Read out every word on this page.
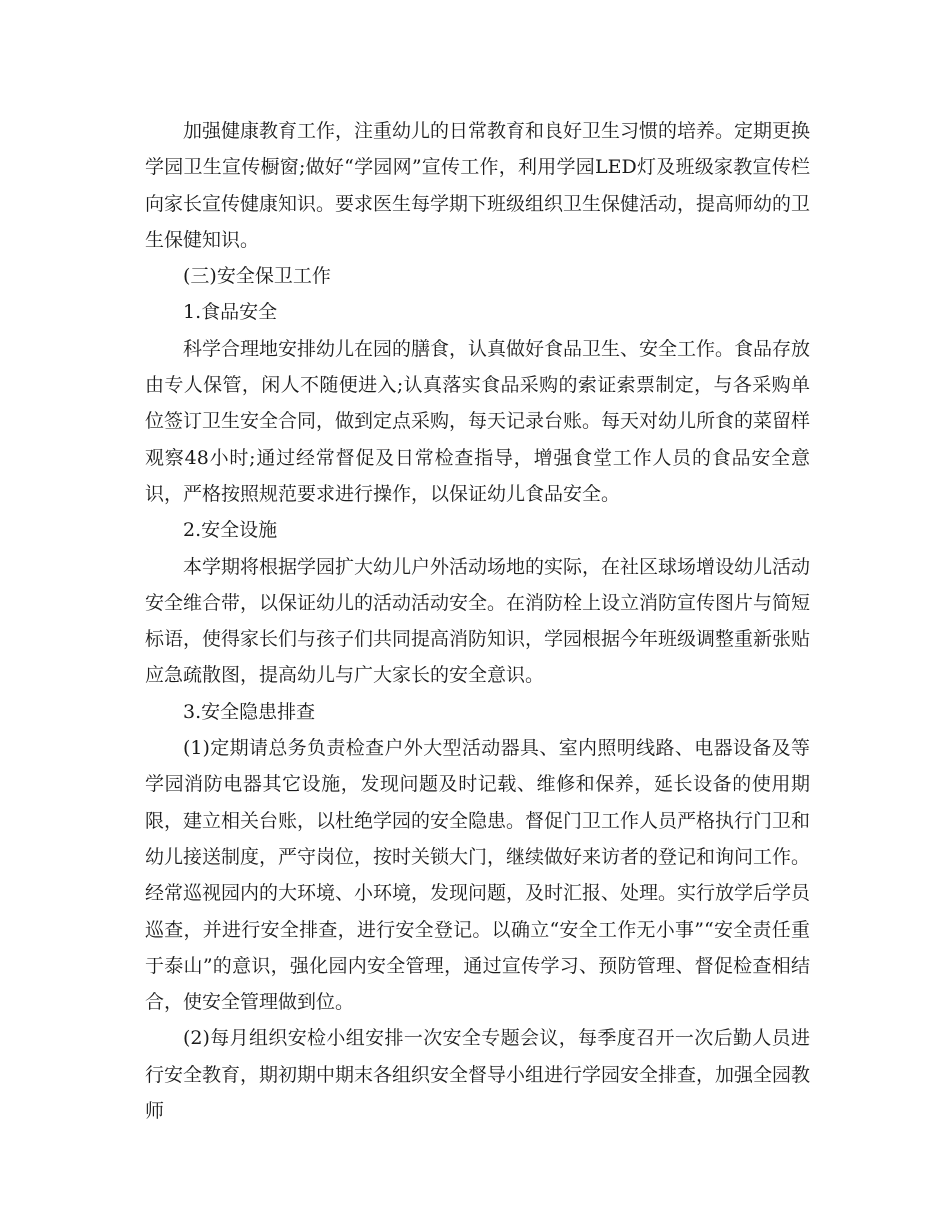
加强健康教育工作，注重幼儿的日常教育和良好卫生习惯的培养。定期更换学园卫生宣传橱窗;做好“学园网”宣传工作，利用学园LED灯及班级家教宣传栏向家长宣传健康知识。要求医生每学期下班级组织卫生保健活动，提高师幼的卫生保健知识。

(三)安全保卫工作

1.食品安全

科学合理地安排幼儿在园的膳食，认真做好食品卫生、安全工作。食品存放由专人保管，闲人不随便进入;认真落实食品采购的索证索票制定，与各采购单位签订卫生安全合同，做到定点采购，每天记录台账。每天对幼儿所食的菜留样观察48小时;通过经常督促及日常检查指导，增强食堂工作人员的食品安全意识，严格按照规范要求进行操作，以保证幼儿食品安全。

2.安全设施

本学期将根据学园扩大幼儿户外活动场地的实际，在社区球场增设幼儿活动安全维合带，以保证幼儿的活动活动安全。在消防栓上设立消防宣传图片与简短标语，使得家长们与孩子们共同提高消防知识，学园根据今年班级调整重新张贴应急疏散图，提高幼儿与广大家长的安全意识。

3.安全隐患排查

(1)定期请总务负责检查户外大型活动器具、室内照明线路、电器设备及等学园消防电器其它设施，发现问题及时记载、维修和保养，延长设备的使用期限，建立相关台账，以杜绝学园的安全隐患。督促门卫工作人员严格执行门卫和幼儿接送制度，严守岗位，按时关锁大门，继续做好来访者的登记和询问工作。经常巡视园内的大环境、小环境，发现问题，及时汇报、处理。实行放学后学员巡查，并进行安全排查，进行安全登记。以确立“安全工作无小事”“安全责任重于泰山”的意识，强化园内安全管理，通过宣传学习、预防管理、督促检查相结合，使安全管理做到位。

(2)每月组织安检小组安排一次安全专题会议，每季度召开一次后勤人员进行安全教育，期初期中期末各组织安全督导小组进行学园安全排查，加强全园教师
